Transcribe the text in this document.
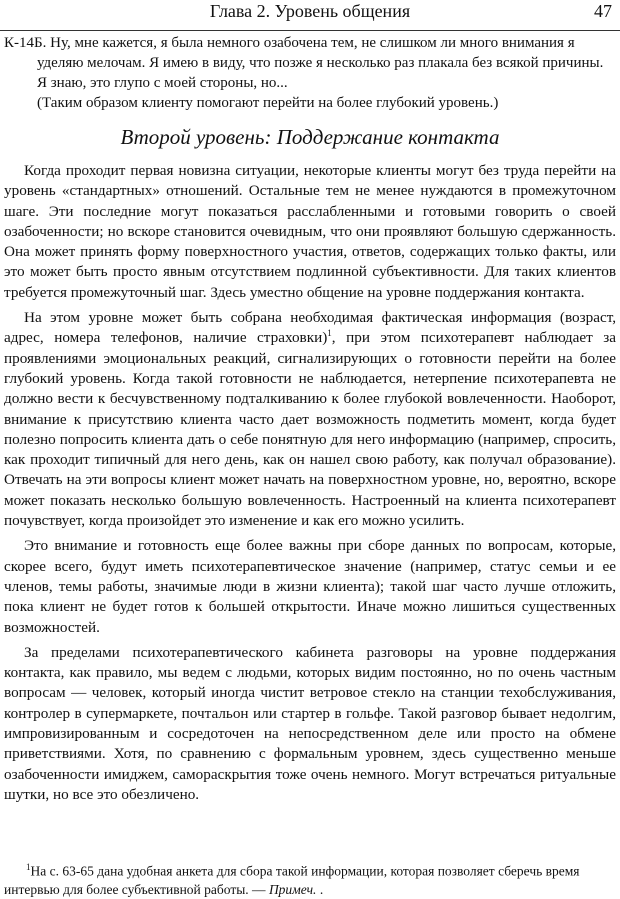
Глава 2. Уровень общения	47

К-14Б. Ну, мне кажется, я была немного озабочена тем, не слишком ли много внимания я уделяю мелочам. Я имею в виду, что позже я несколько раз плакала без всякой причины. Я знаю, это глупо с моей стороны, но...

(Таким образом клиенту помогают перейти на более глубокий уровень.)

Второй уровень: Поддержание контакта

Когда проходит первая новизна ситуации, некоторые клиенты могут без труда перейти на уровень «стандартных» отношений. Остальные тем не менее нуждаются в промежуточном шаге. Эти последние могут показаться расслабленными и готовыми говорить о своей озабоченности; но вскоре становится очевидным, что они проявляют большую сдержанность. Она может принять форму поверхностного участия, ответов, содержащих только факты, или это может быть просто явным отсутствием подлинной субъективности. Для таких клиентов требуется промежуточный шаг. Здесь уместно общение на уровне поддержания контакта.

На этом уровне может быть собрана необходимая фактическая информация (возраст, адрес, номера телефонов, наличие страховки)$^1$, при этом психотерапевт наблюдает за проявлениями эмоциональных реакций, сигнализирующих о готовности перейти на более глубокий уровень. Когда такой готовности не наблюдается, нетерпение психотерапевта не должно вести к бесчувственному подталкиванию к более глубокой вовлеченности. Наоборот, внимание к присутствию клиента часто дает возможность подметить момент, когда будет полезно попросить клиента дать о себе понятную для него информацию (например, спросить, как проходит типичный для него день, как он нашел свою работу, как получал образование). Отвечать на эти вопросы клиент может начать на поверхностном уровне, но, вероятно, вскоре может показать несколько большую вовлеченность. Настроенный на клиента психотерапевт почувствует, когда произойдет это изменение и как его можно усилить.

Это внимание и готовность еще более важны при сборе данных по вопросам, которые, скорее всего, будут иметь психотерапевтическое значение (например, статус семьи и ее членов, темы работы, значимые люди в жизни клиента); такой шаг часто лучше отложить, пока клиент не будет готов к большей открытости. Иначе можно лишиться существенных возможностей.

За пределами психотерапевтического кабинета разговоры на уровне поддержания контакта, как правило, мы ведем с людьми, которых видим постоянно, но по очень частным вопросам — человек, который иногда чистит ветровое стекло на станции техобслуживания, контролер в супермаркете, почтальон или стартер в гольфе. Такой разговор бывает недолгим, импровизированным и сосредоточен на непосредственном деле или просто на обмене приветствиями. Хотя, по сравнению с формальным уровнем, здесь существенно меньше озабоченности имиджем, самораскрытия тоже очень немного. Могут встречаться ритуальные шутки, но все это обезличено.

$^1$На с. 63-65 дана удобная анкета для сбора такой информации, которая позволяет сберечь время интервью для более субъективной работы. — Примеч. .
